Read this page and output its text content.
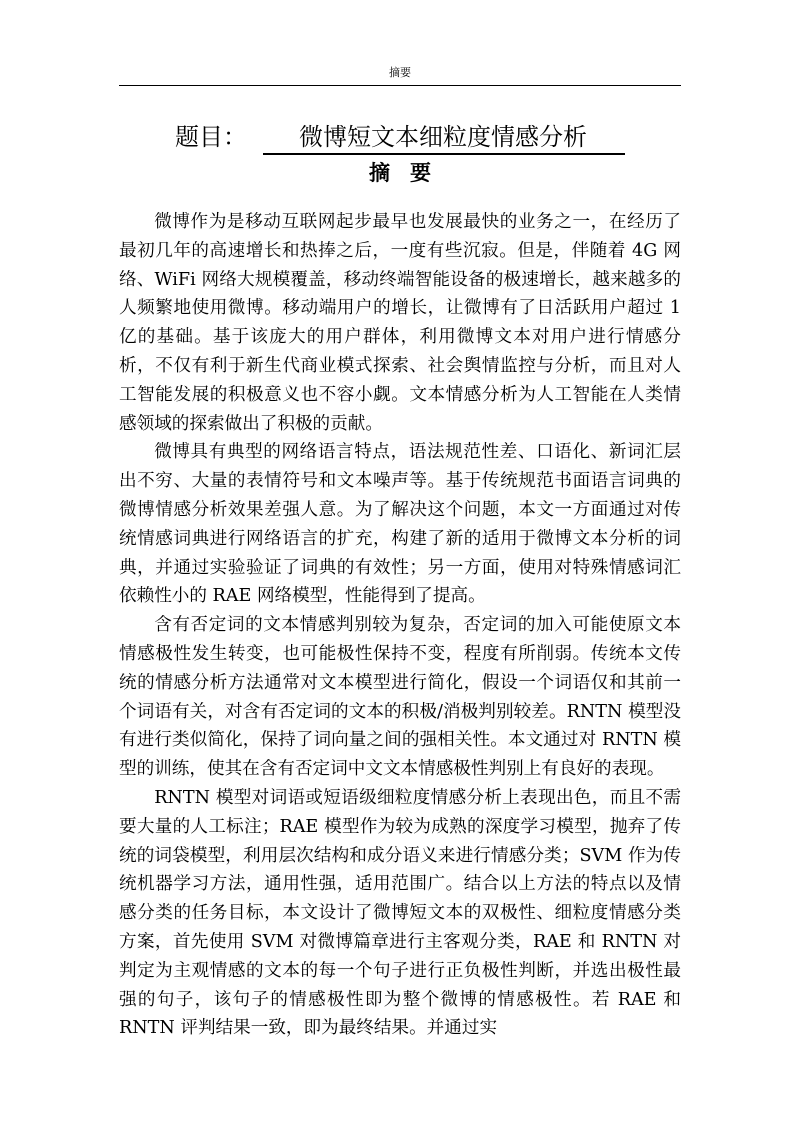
摘要
题目： 微博短文本细粒度情感分析
摘要

微博作为是移动互联网起步最早也发展最快的业务之一，在经历了最初几年的高速增长和热捧之后，一度有些沉寂。但是，伴随着 4G 网络、WiFi 网络大规模覆盖，移动终端智能设备的极速增长，越来越多的人频繁地使用微博。移动端用户的增长，让微博有了日活跃用户超过 1 亿的基础。基于该庞大的用户群体，利用微博文本对用户进行情感分析，不仅有利于新生代商业模式探索、社会舆情监控与分析，而且对人工智能发展的积极意义也不容小觑。文本情感分析为人工智能在人类情感领域的探索做出了积极的贡献。

微博具有典型的网络语言特点，语法规范性差、口语化、新词汇层出不穷、大量的表情符号和文本噪声等。基于传统规范书面语言词典的微博情感分析效果差强人意。为了解决这个问题，本文一方面通过对传统情感词典进行网络语言的扩充，构建了新的适用于微博文本分析的词典，并通过实验验证了词典的有效性；另一方面，使用对特殊情感词汇依赖性小的 RAE 网络模型，性能得到了提高。

含有否定词的文本情感判别较为复杂，否定词的加入可能使原文本情感极性发生转变，也可能极性保持不变，程度有所削弱。传统本文传统的情感分析方法通常对文本模型进行简化，假设一个词语仅和其前一个词语有关，对含有否定词的文本的积极/消极判别较差。RNTN 模型没有进行类似简化，保持了词向量之间的强相关性。本文通过对 RNTN 模型的训练，使其在含有否定词中文文本情感极性判别上有良好的表现。

RNTN 模型对词语或短语级细粒度情感分析上表现出色，而且不需要大量的人工标注；RAE 模型作为较为成熟的深度学习模型，抛弃了传统的词袋模型，利用层次结构和成分语义来进行情感分类；SVM 作为传统机器学习方法，通用性强，适用范围广。结合以上方法的特点以及情感分类的任务目标，本文设计了微博短文本的双极性、细粒度情感分类方案，首先使用 SVM 对微博篇章进行主客观分类，RAE 和 RNTN 对判定为主观情感的文本的每一个句子进行正负极性判断，并选出极性最强的句子，该句子的情感极性即为整个微博的情感极性。若 RAE 和 RNTN 评判结果一致，即为最终结果。并通过实
